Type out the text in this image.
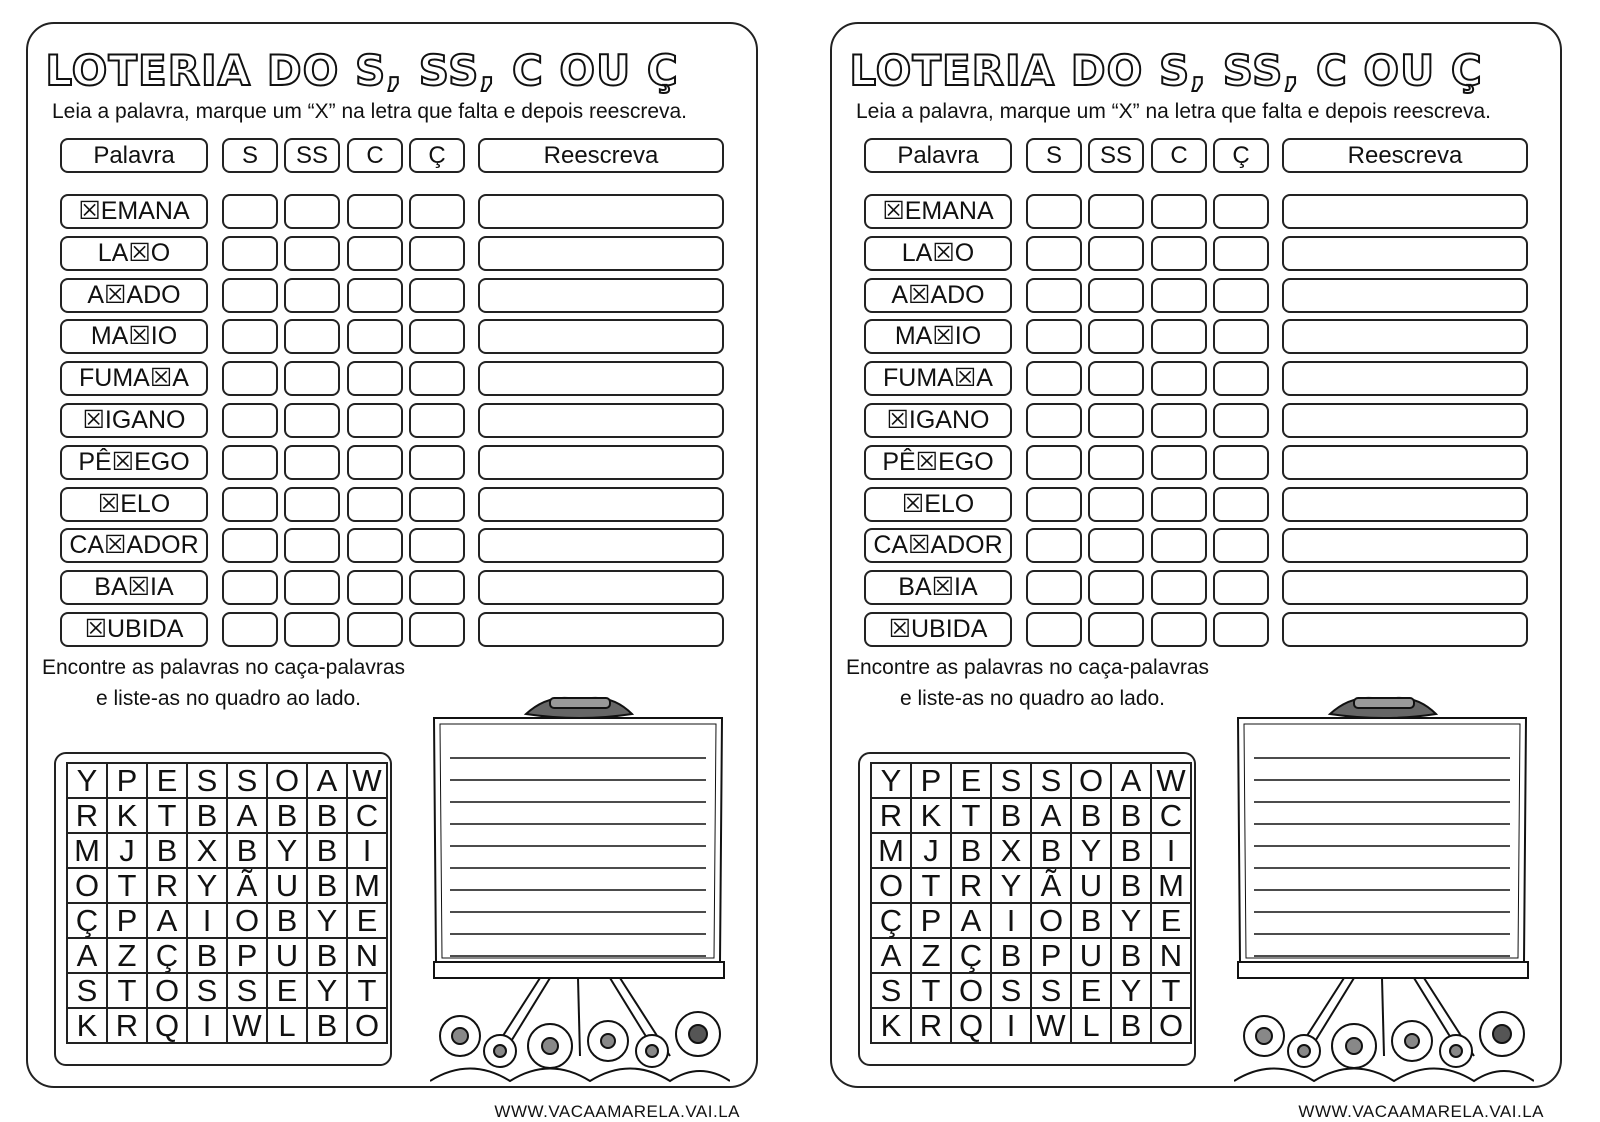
LOTERIA DO S, SS, C OU Ç
Leia a palavra, marque um “X” na letra que falta e depois reescreva.
Palavra	S	SS	C	Ç	Reescreva
☒EMANA
LA☒O
A☒ADO
MA☒IO
FUMA☒A
☒IGANO
PÊ☒EGO
☒ELO
CA☒ADOR
BA☒IA
☒UBIDA
Encontre as palavras no caça-palavras
e liste-as no quadro ao lado.
Y	P	E	S	S	O	A	W
R	K	T	B	A	B	B	C
M	J	B	X	B	Y	B	I
O	T	R	Y	Ã	U	B	M
Ç	P	A	I	O	B	Y	E
A	Z	Ç	B	P	U	B	N
S	T	O	S	S	E	Y	T
K	R	Q	I	W	L	B	O
WWW.VACAAMARELA.VAI.LA
LOTERIA DO S, SS, C OU Ç
Leia a palavra, marque um “X” na letra que falta e depois reescreva.
Palavra	S	SS	C	Ç	Reescreva
☒EMANA
LA☒O
A☒ADO
MA☒IO
FUMA☒A
☒IGANO
PÊ☒EGO
☒ELO
CA☒ADOR
BA☒IA
☒UBIDA
Encontre as palavras no caça-palavras
e liste-as no quadro ao lado.
Y	P	E	S	S	O	A	W
R	K	T	B	A	B	B	C
M	J	B	X	B	Y	B	I
O	T	R	Y	Ã	U	B	M
Ç	P	A	I	O	B	Y	E
A	Z	Ç	B	P	U	B	N
S	T	O	S	S	E	Y	T
K	R	Q	I	W	L	B	O
WWW.VACAAMARELA.VAI.LA
